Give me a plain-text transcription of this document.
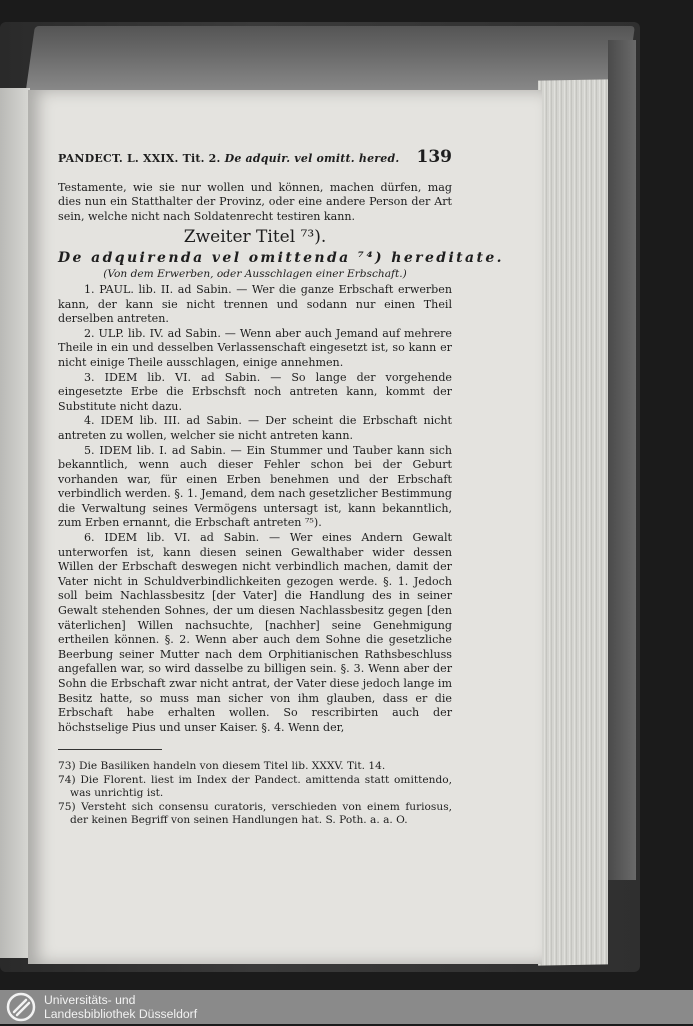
PANDECT. L. XXIX. Tit. 2. De adquir. vel omitt. hered. 139

Testamente, wie sie nur wollen und können, machen dürfen, mag dies nun ein Statthalter der Provinz, oder eine andere Person der Art sein, welche nicht nach Soldatenrecht testiren kann.

Zweiter Titel ⁷³).
De adquirenda vel omittenda ⁷⁴) hereditate.
(Von dem Erwerben, oder Ausschlagen einer Erbschaft.)

1. PAUL. lib. II. ad Sabin. — Wer die ganze Erbschaft erwerben kann, der kann sie nicht trennen und sodann nur einen Theil derselben antreten.

2. ULP. lib. IV. ad Sabin. — Wenn aber auch Jemand auf mehrere Theile in ein und desselben Verlassenschaft eingesetzt ist, so kann er nicht einige Theile ausschlagen, einige annehmen.

3. IDEM lib. VI. ad Sabin. — So lange der vorgehende eingesetzte Erbe die Erbschsft noch antreten kann, kommt der Substitute nicht dazu.

4. IDEM lib. III. ad Sabin. — Der scheint die Erbschaft nicht antreten zu wollen, welcher sie nicht antreten kann.

5. IDEM lib. I. ad Sabin. — Ein Stummer und Tauber kann sich bekanntlich, wenn auch dieser Fehler schon bei der Geburt vorhanden war, für einen Erben benehmen und der Erbschaft verbindlich werden. §. 1. Jemand, dem nach gesetzlicher Bestimmung die Verwaltung seines Vermögens untersagt ist, kann bekanntlich, zum Erben ernannt, die Erbschaft antreten ⁷⁵).

6. IDEM lib. VI. ad Sabin. — Wer eines Andern Gewalt unterworfen ist, kann diesen seinen Gewalthaber wider dessen Willen der Erbschaft deswegen nicht verbindlich machen, damit der Vater nicht in Schuldverbindlichkeiten gezogen werde. §. 1. Jedoch soll beim Nachlassbesitz [der Vater] die Handlung des in seiner Gewalt stehenden Sohnes, der um diesen Nachlassbesitz gegen [den väterlichen] Willen nachsuchte, [nachher] seine Genehmigung ertheilen können. §. 2. Wenn aber auch dem Sohne die gesetzliche Beerbung seiner Mutter nach dem Orphitianischen Rathsbeschluss angefallen war, so wird dasselbe zu billigen sein. §. 3. Wenn aber der Sohn die Erbschaft zwar nicht antrat, der Vater diese jedoch lange im Besitz hatte, so muss man sicher von ihm glauben, dass er die Erbschaft habe erhalten wollen. So rescribirten auch der höchstselige Pius und unser Kaiser. §. 4. Wenn der,

73) Die Basiliken handeln von diesem Titel lib. XXXV. Tit. 14.

74) Die Florent. liest im Index der Pandect. amittenda statt omittendo, was unrichtig ist.

75) Versteht sich consensu curatoris, verschieden von einem furiosus, der keinen Begriff von seinen Handlungen hat. S. Poth. a. a. O.

Universitäts- und
Landesbibliothek Düsseldorf
